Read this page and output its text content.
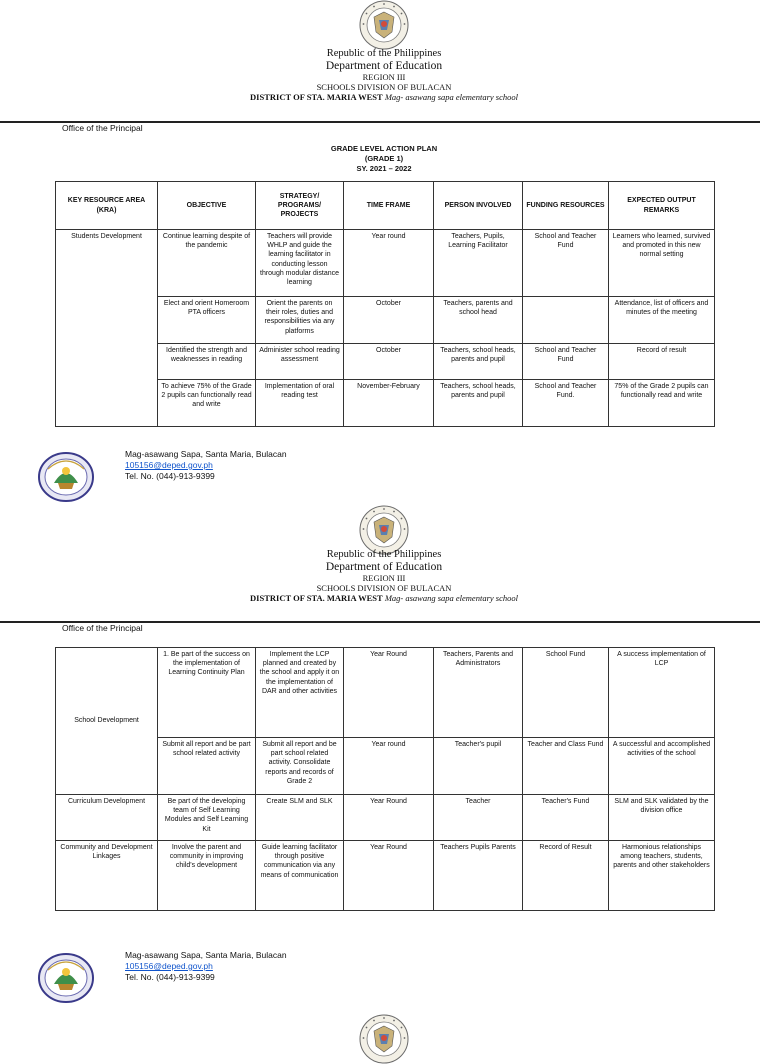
Republic of the Philippines
Department of Education
REGION III
SCHOOLS DIVISION OF BULACAN
DISTRICT OF STA. MARIA WEST Mag- asawang sapa elementary school
Office of the Principal
GRADE LEVEL ACTION PLAN
(GRADE 1)
SY. 2021 – 2022
KEY RESOURCE AREA (KRA)	OBJECTIVE	STRATEGY/ PROGRAMS/ PROJECTS	TIME FRAME	PERSON INVOLVED	FUNDING RESOURCES	EXPECTED OUTPUT REMARKS
Students Development	Continue learning despite of the pandemic	Teachers will provide WHLP and guide the learning facilitator in conducting lesson through modular distance learning	Year round	Teachers, Pupils, Learning Facilitator	School and Teacher Fund	Learners who learned, survived and promoted in this new normal setting
	Elect and orient Homeroom PTA officers	Orient the parents on their roles, duties and responsibilities via any platforms	October	Teachers, parents and school head		Attendance, list of officers and minutes of the meeting
	Identified the strength and weaknesses in reading	Administer school reading assessment	October	Teachers, school heads, parents and pupil	School and Teacher Fund	Record of result
	To achieve 75% of the Grade 2 pupils can functionally read and write	Implementation of oral reading test	November-February	Teachers, school heads, parents and pupil	School and Teacher Fund.	75% of the Grade 2 pupils can functionally read and write
Mag-asawang Sapa, Santa Maria, Bulacan
105156@deped.gov.ph
Tel. No. (044)-913-9399
Republic of the Philippines
Department of Education
REGION III
SCHOOLS DIVISION OF BULACAN
DISTRICT OF STA. MARIA WEST Mag- asawang sapa elementary school
Office of the Principal
School Development	1. Be part of the success on the implementation of Learning Continuity Plan	Implement the LCP planned and created by the school and apply it on the implementation of DAR and other activities	Year Round	Teachers, Parents and Administrators	School Fund	A success implementation of LCP
	Submit all report and be part school related activity	Submit all report and be part school related activity. Consolidate reports and records of Grade 2	Year round	Teacher's pupil	Teacher and Class Fund	A successful and accomplished activities of the school
Curriculum Development	Be part of the developing team of Self Learning Modules and Self Learning Kit	Create SLM and SLK	Year Round	Teacher	Teacher's Fund	SLM and SLK validated by the division office
Community and Development Linkages	Involve the parent and community in improving child's development	Guide learning facilitator through positive communication via any means of communication	Year Round	Teachers Pupils Parents	Record of Result	Harmonious relationships among teachers, students, parents and other stakeholders
Mag-asawang Sapa, Santa Maria, Bulacan
105156@deped.gov.ph
Tel. No. (044)-913-9399
